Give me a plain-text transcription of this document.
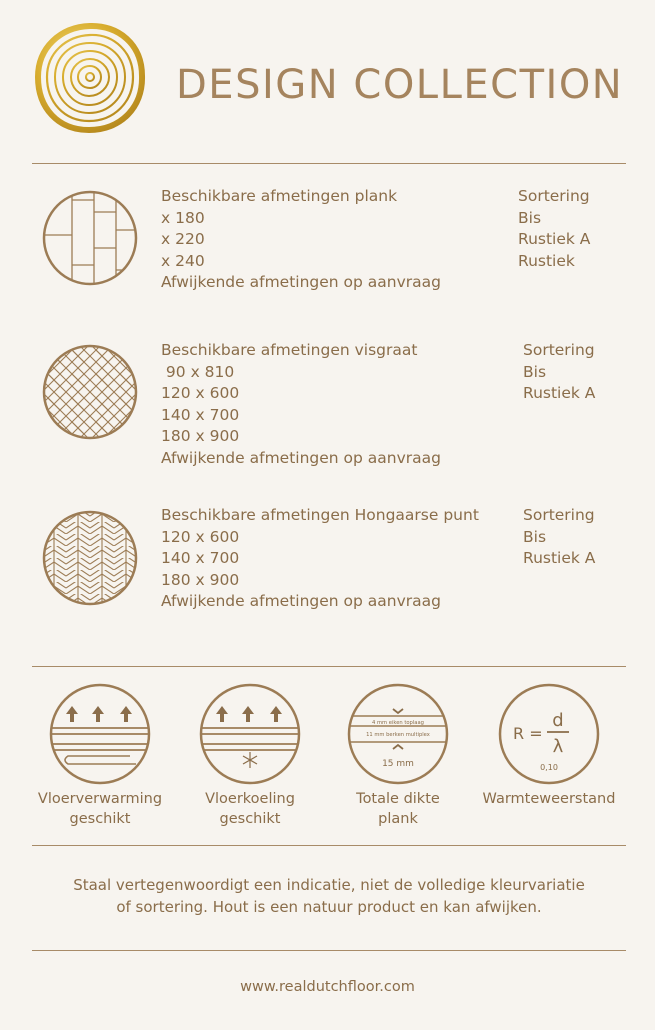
DESIGN COLLECTION
Beschikbare afmetingen plank
x 180
x 220
x 240
Afwijkende afmetingen op aanvraag
Sortering
Bis
Rustiek A
Rustiek
Beschikbare afmetingen visgraat
90 x 810
120 x 600
140 x 700
180 x 900
Afwijkende afmetingen op aanvraag
Sortering
Bis
Rustiek A
Beschikbare afmetingen Hongaarse punt
120 x 600
140 x 700
180 x 900
Afwijkende afmetingen op aanvraag
Sortering
Bis
Rustiek A
Vloerverwarming
geschikt
Vloerkoeling
geschikt
4 mm eiken toplaag
11 mm berken multiplex
15 mm
Totale dikte
plank
R =
d
λ
0,10
Warmteweerstand
Staal vertegenwoordigt een indicatie, niet de volledige kleurvariatie
of sortering. Hout is een natuur product en kan afwijken.
www.realdutchfloor.com
